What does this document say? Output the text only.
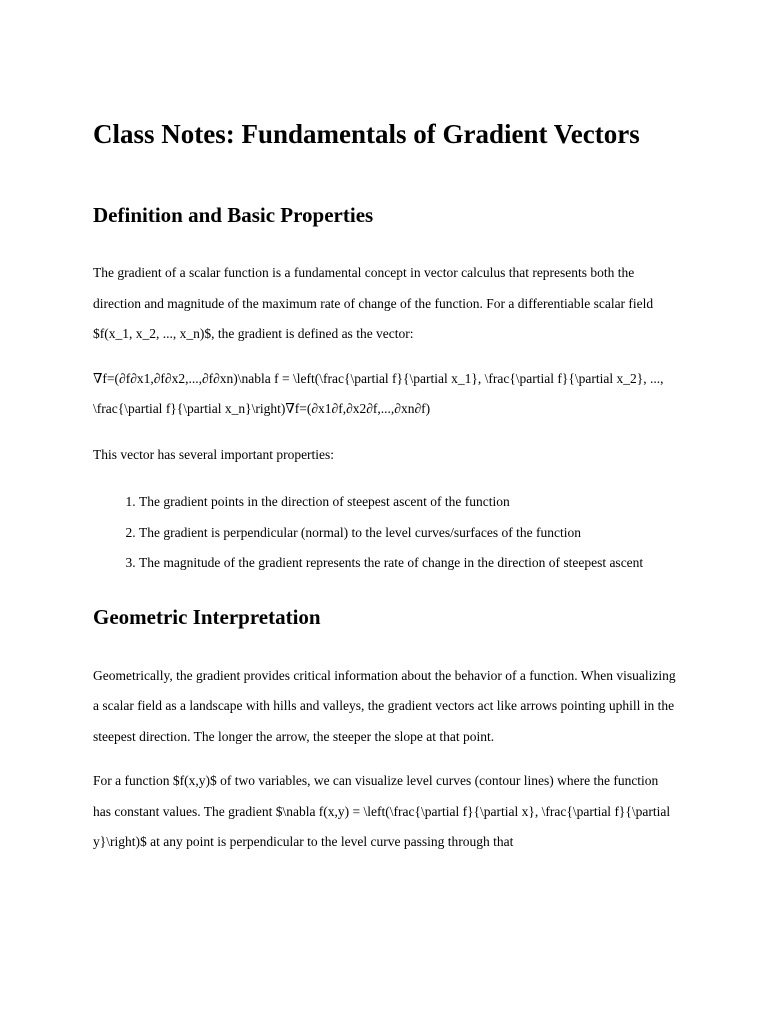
Class Notes: Fundamentals of Gradient Vectors
Definition and Basic Properties

The gradient of a scalar function is a fundamental concept in vector calculus that represents both the direction and magnitude of the maximum rate of change of the function. For a differentiable scalar field $f(x_1, x_2, ..., x_n)$, the gradient is defined as the vector:

∇f=(∂f∂x1,∂f∂x2,...,∂f∂xn)\nabla f = \left(\frac{\partial f}{\partial x_1}, \frac{\partial f}{\partial x_2}, ..., \frac{\partial f}{\partial x_n}\right)∇f=(∂x1∂f,∂x2∂f,...,∂xn∂f)

This vector has several important properties:

1. The gradient points in the direction of steepest ascent of the function
2. The gradient is perpendicular (normal) to the level curves/surfaces of the function
3. The magnitude of the gradient represents the rate of change in the direction of steepest ascent
Geometric Interpretation

Geometrically, the gradient provides critical information about the behavior of a function. When visualizing a scalar field as a landscape with hills and valleys, the gradient vectors act like arrows pointing uphill in the steepest direction. The longer the arrow, the steeper the slope at that point.

For a function $f(x,y)$ of two variables, we can visualize level curves (contour lines) where the function has constant values. The gradient $\nabla f(x,y) = \left(\frac{\partial f}{\partial x}, \frac{\partial f}{\partial y}\right)$ at any point is perpendicular to the level curve passing through that
